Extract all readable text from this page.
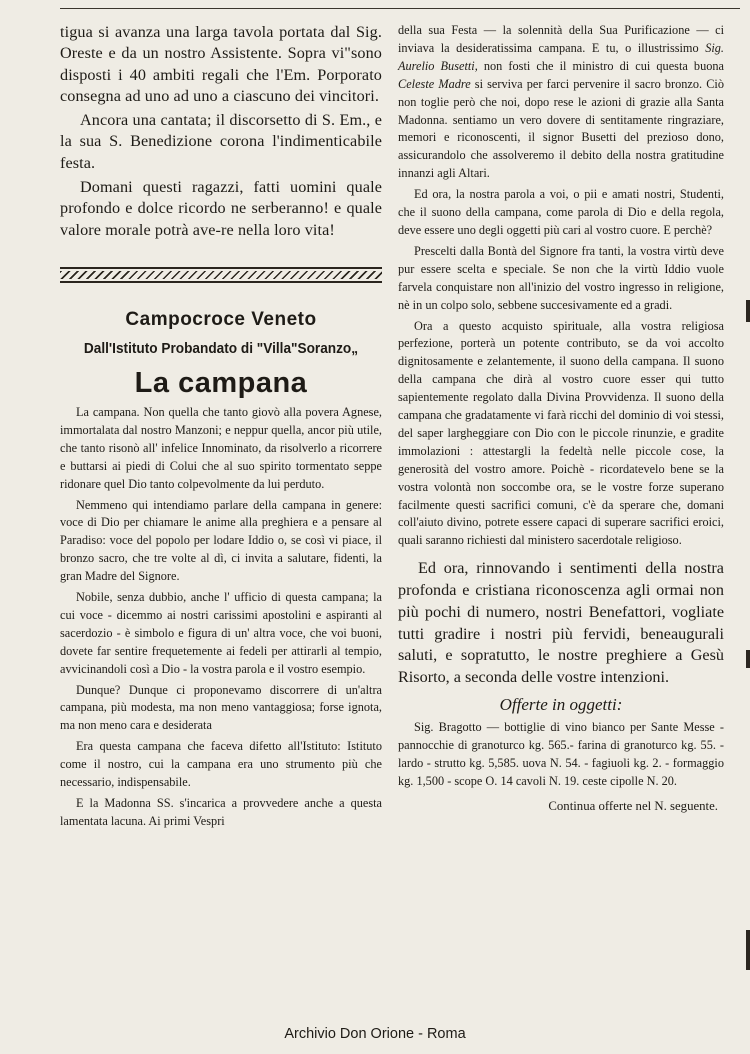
tigua si avanza una larga tavola portata dal Sig. Oreste e da un nostro Assistente. Sopra vi"sono disposti i 40 ambiti regali che l'Em. Porporato consegna ad uno ad uno a ciascuno dei vincitori.

Ancora una cantata; il discorsetto di S. Em., e la sua S. Benedizione corona l'indimenticabile festa.

Domani questi ragazzi, fatti uomini quale profondo e dolce ricordo ne serberanno! e quale valore morale potrà ave-re nella loro vita!

Campocroce Veneto
Dall'Istituto Probandato di "Villa"Soranzo„
La campana

La campana. Non quella che tanto giovò alla povera Agnese, immortalata dal nostro Manzoni; e neppur quella, ancor più utile, che tanto risonò all' infelice Innominato, da risolverlo a ricorrere e buttarsi ai piedi di Colui che al suo spirito tormentato seppe ridonare quel Dio tanto colpevolmente da lui perduto.

Nemmeno qui intendiamo parlare della campana in genere: voce di Dio per chiamare le anime alla preghiera e a pensare al Paradiso: voce del popolo per lodare Iddio o, se così vi piace, il bronzo sacro, che tre volte al dì, ci invita a salutare, fidenti, la gran Madre del Signore.

Nobile, senza dubbio, anche l' ufficio di questa campana; la cui voce - dicemmo ai nostri carissimi apostolini e aspiranti al sacerdozio - è simbolo e figura di un' altra voce, che voi buoni, dovete far sentire frequetemente ai fedeli per attirarli al tempio, avvicinandoli così a Dio - la vostra parola e il vostro esempio.

Dunque? Dunque ci proponevamo discorrere di un'altra campana, più modesta, ma non meno vantaggiosa; forse ignota, ma non meno cara e desiderata

Era questa campana che faceva difetto all'Istituto: Istituto come il nostro, cui la campana era uno strumento più che necessario, indispensabile.

E la Madonna SS. s'incarica a provvedere anche a questa lamentata lacuna. Ai primi Vespri

della sua Festa — la solennità della Sua Purificazione — ci inviava la desideratissima campana. E tu, o illustrissimo Sig. Aurelio Busetti, non fosti che il ministro di cui questa buona Celeste Madre si serviva per farci pervenire il sacro bronzo. Ciò non toglie però che noi, dopo rese le azioni di grazie alla Santa Madonna. sentiamo un vero dovere di sentitamente ringraziare, memori e riconoscenti, il signor Busetti del prezioso dono, assicurandolo che assolveremo il debito della nostra gratitudine innanzi agli Altari.

Ed ora, la nostra parola a voi, o pii e amati nostri, Studenti, che il suono della campana, come parola di Dio e della regola, deve essere uno degli oggetti più cari al vostro cuore. E perchè?

Prescelti dalla Bontà del Signore fra tanti, la vostra virtù deve pur essere scelta e speciale. Se non che la virtù Iddio vuole farvela conquistare non all'inizio del vostro ingresso in religione, nè in un colpo solo, sebbene succesivamente ed a gradi.

Ora a questo acquisto spirituale, alla vostra religiosa perfezione, porterà un potente contributo, se da voi accolto dignitosamente e zelantemente, il suono della campana. Il suono della campana che dirà al vostro cuore esser qui tutto sapientemente regolato dalla Divina Provvidenza. Il suono della campana che gradatamente vi farà ricchi del dominio di voi stessi, del saper largheggiare con Dio con le piccole rinunzie, e gradite immolazioni : attestargli la fedeltà nelle piccole cose, la generosità del vostro amore. Poichè - ricordatevelo bene se la vostra volontà non soccombe ora, se le vostre forze superano facilmente questi sacrifici comuni, c'è da sperare che, domani coll'aiuto divino, potrete essere capaci di superare sacrifici eroici, quali saranno richiesti dal ministero sacerdotale religioso.

Ed ora, rinnovando i sentimenti della nostra profonda e cristiana riconoscenza agli ormai non più pochi di numero, nostri Benefattori, vogliate tutti gradire i nostri più fervidi, beneaugurali saluti, e sopratutto, le nostre preghiere a Gesù Risorto, a seconda delle vostre intenzioni.

Offerte in oggetti:

Sig. Bragotto — bottiglie di vino bianco per Sante Messe - pannocchie di granoturco kg. 565.- farina di granoturco kg. 55. - lardo - strutto kg. 5,585. uova N. 54. - fagiuoli kg. 2. - formaggio kg. 1,500 - scope O. 14 cavoli N. 19. ceste cipolle N. 20.

Continua offerte nel N. seguente.
Archivio Don Orione - Roma
